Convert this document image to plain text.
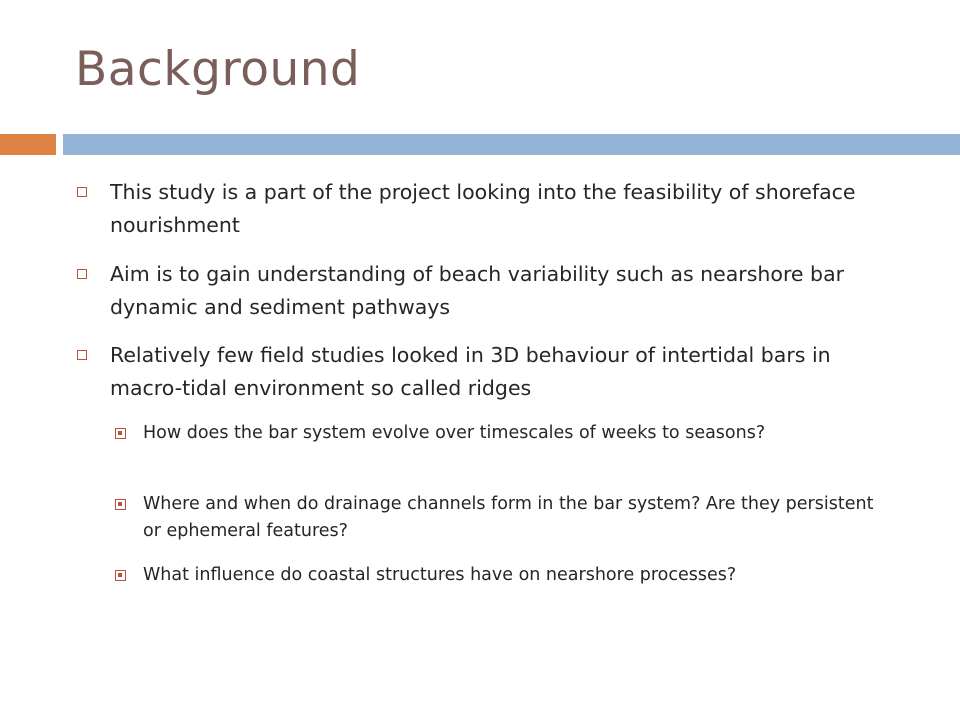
Background
This study is a part of the project looking into the feasibility of shoreface nourishment
Aim is to gain understanding of beach variability such as nearshore bar dynamic and sediment pathways
Relatively few field studies looked in 3D behaviour of intertidal bars in macro-tidal environment so called ridges
How does the bar system evolve over timescales of weeks to seasons?
Where and when do drainage channels form in the bar system? Are they persistent or ephemeral features?
What influence do coastal structures have on nearshore processes?
